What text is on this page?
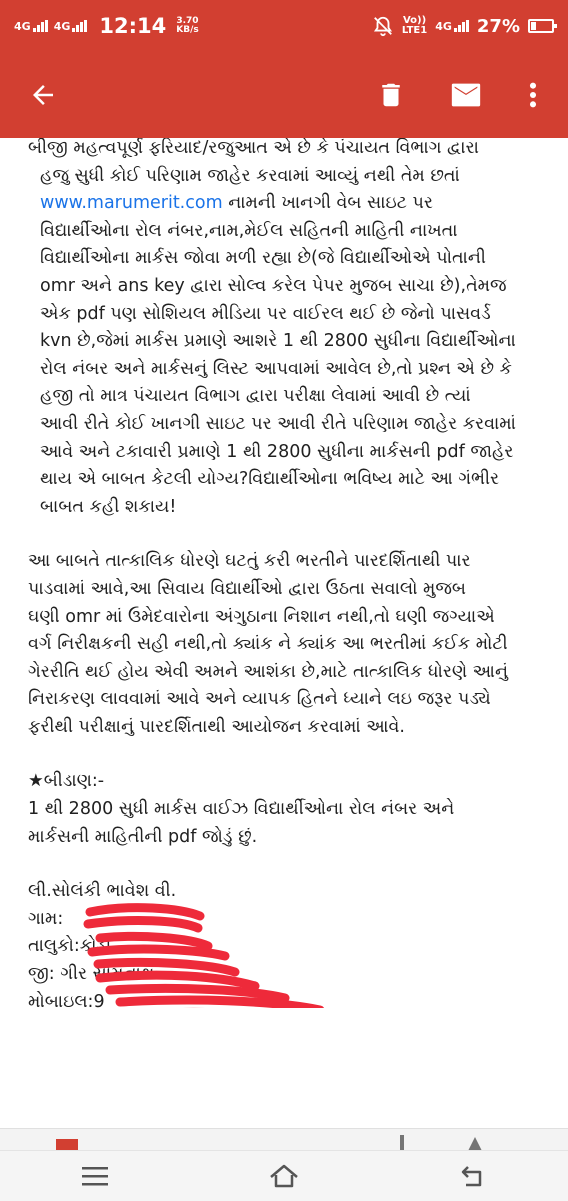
4G 4G 12:14 3.70
KB/s
Vo))
LTE1 4G 27%

બીજી મહત્વપૂર્ણ ફરિયાદ/રજુઆત એ છે કે પંચાયત વિભાગ દ્વારા
હજુ સુધી કોઈ પરિણામ જાહેર કરવામાં આવ્યું નથી તેમ છતાં
www.marumerit.com નામની ખાનગી વેબ સાઇટ પર
વિદ્યાર્થીઓના રોલ નંબર,નામ,મેઈલ સહિતની માહિતી નાખતા
વિદ્યાર્થીઓના માર્કસ જોવા મળી રહ્યા છે(જે વિદ્યાર્થીઓએ પોતાની
omr અને ans key દ્વારા સોલ્વ કરેલ પેપર મુજબ સાચા છે),તેમજ
એક pdf પણ સોશિયલ મીડિયા પર વાઈરલ થઈ છે જેનો પાસવર્ડ
kvn છે,જેમાં માર્કસ પ્રમાણે આશરે 1 થી 2800 સુધીના વિદ્યાર્થીઓના
રોલ નંબર અને માર્કસનું લિસ્ટ આપવામાં આવેલ છે,તો પ્રશ્ન એ છે કે
હજી તો માત્ર પંચાયત વિભાગ દ્વારા પરીક્ષા લેવામાં આવી છે ત્યાં
આવી રીતે કોઈ ખાનગી સાઇટ પર આવી રીતે પરિણામ જાહેર કરવામાં
આવે અને ટકાવારી પ્રમાણે 1 થી 2800 સુધીના માર્કસની pdf જાહેર
થાય એ બાબત કેટલી યોગ્ય?વિદ્યાર્થીઓના ભવિષ્ય માટે આ ગંભીર
બાબત કહી શકાય!

આ બાબતે તાત્કાલિક ધોરણે ઘટતું કરી ભરતીને પારદર્શિતાથી પાર
પાડવામાં આવે,આ સિવાય વિદ્યાર્થીઓ દ્વારા ઉઠતા સવાલો મુજબ
ઘણી omr માં ઉમેદવારોના અંગુઠાના નિશાન નથી,તો ઘણી જગ્યાએ
વર્ગ નિરીક્ષકની સહી નથી,તો ક્યાંક ને ક્યાંક આ ભરતીમાં કઈક મોટી
ગેરરીતિ થઈ હોય એવી અમને આશંકા છે,માટે તાત્કાલિક ધોરણે આનું
નિરાકરણ લાવવામાં આવે અને વ્યાપક હિતને ધ્યાને લઇ જરૂર પડ્યે
ફરીથી પરીક્ષાનું પારદર્શિતાથી આયોજન કરવામાં આવે.

★બીડાણ:-

1 થી 2800 સુધી માર્કસ વાઈઝ વિદ્યાર્થીઓના રોલ નંબર અને
માર્કસની માહિતીની pdf જોડું છું.

લી.સોલંકી ભાવેશ વી.

ગામ:

તાલુકો:કોડી

જી: ગીર સોમનાથ

મોબાઇલ:9
